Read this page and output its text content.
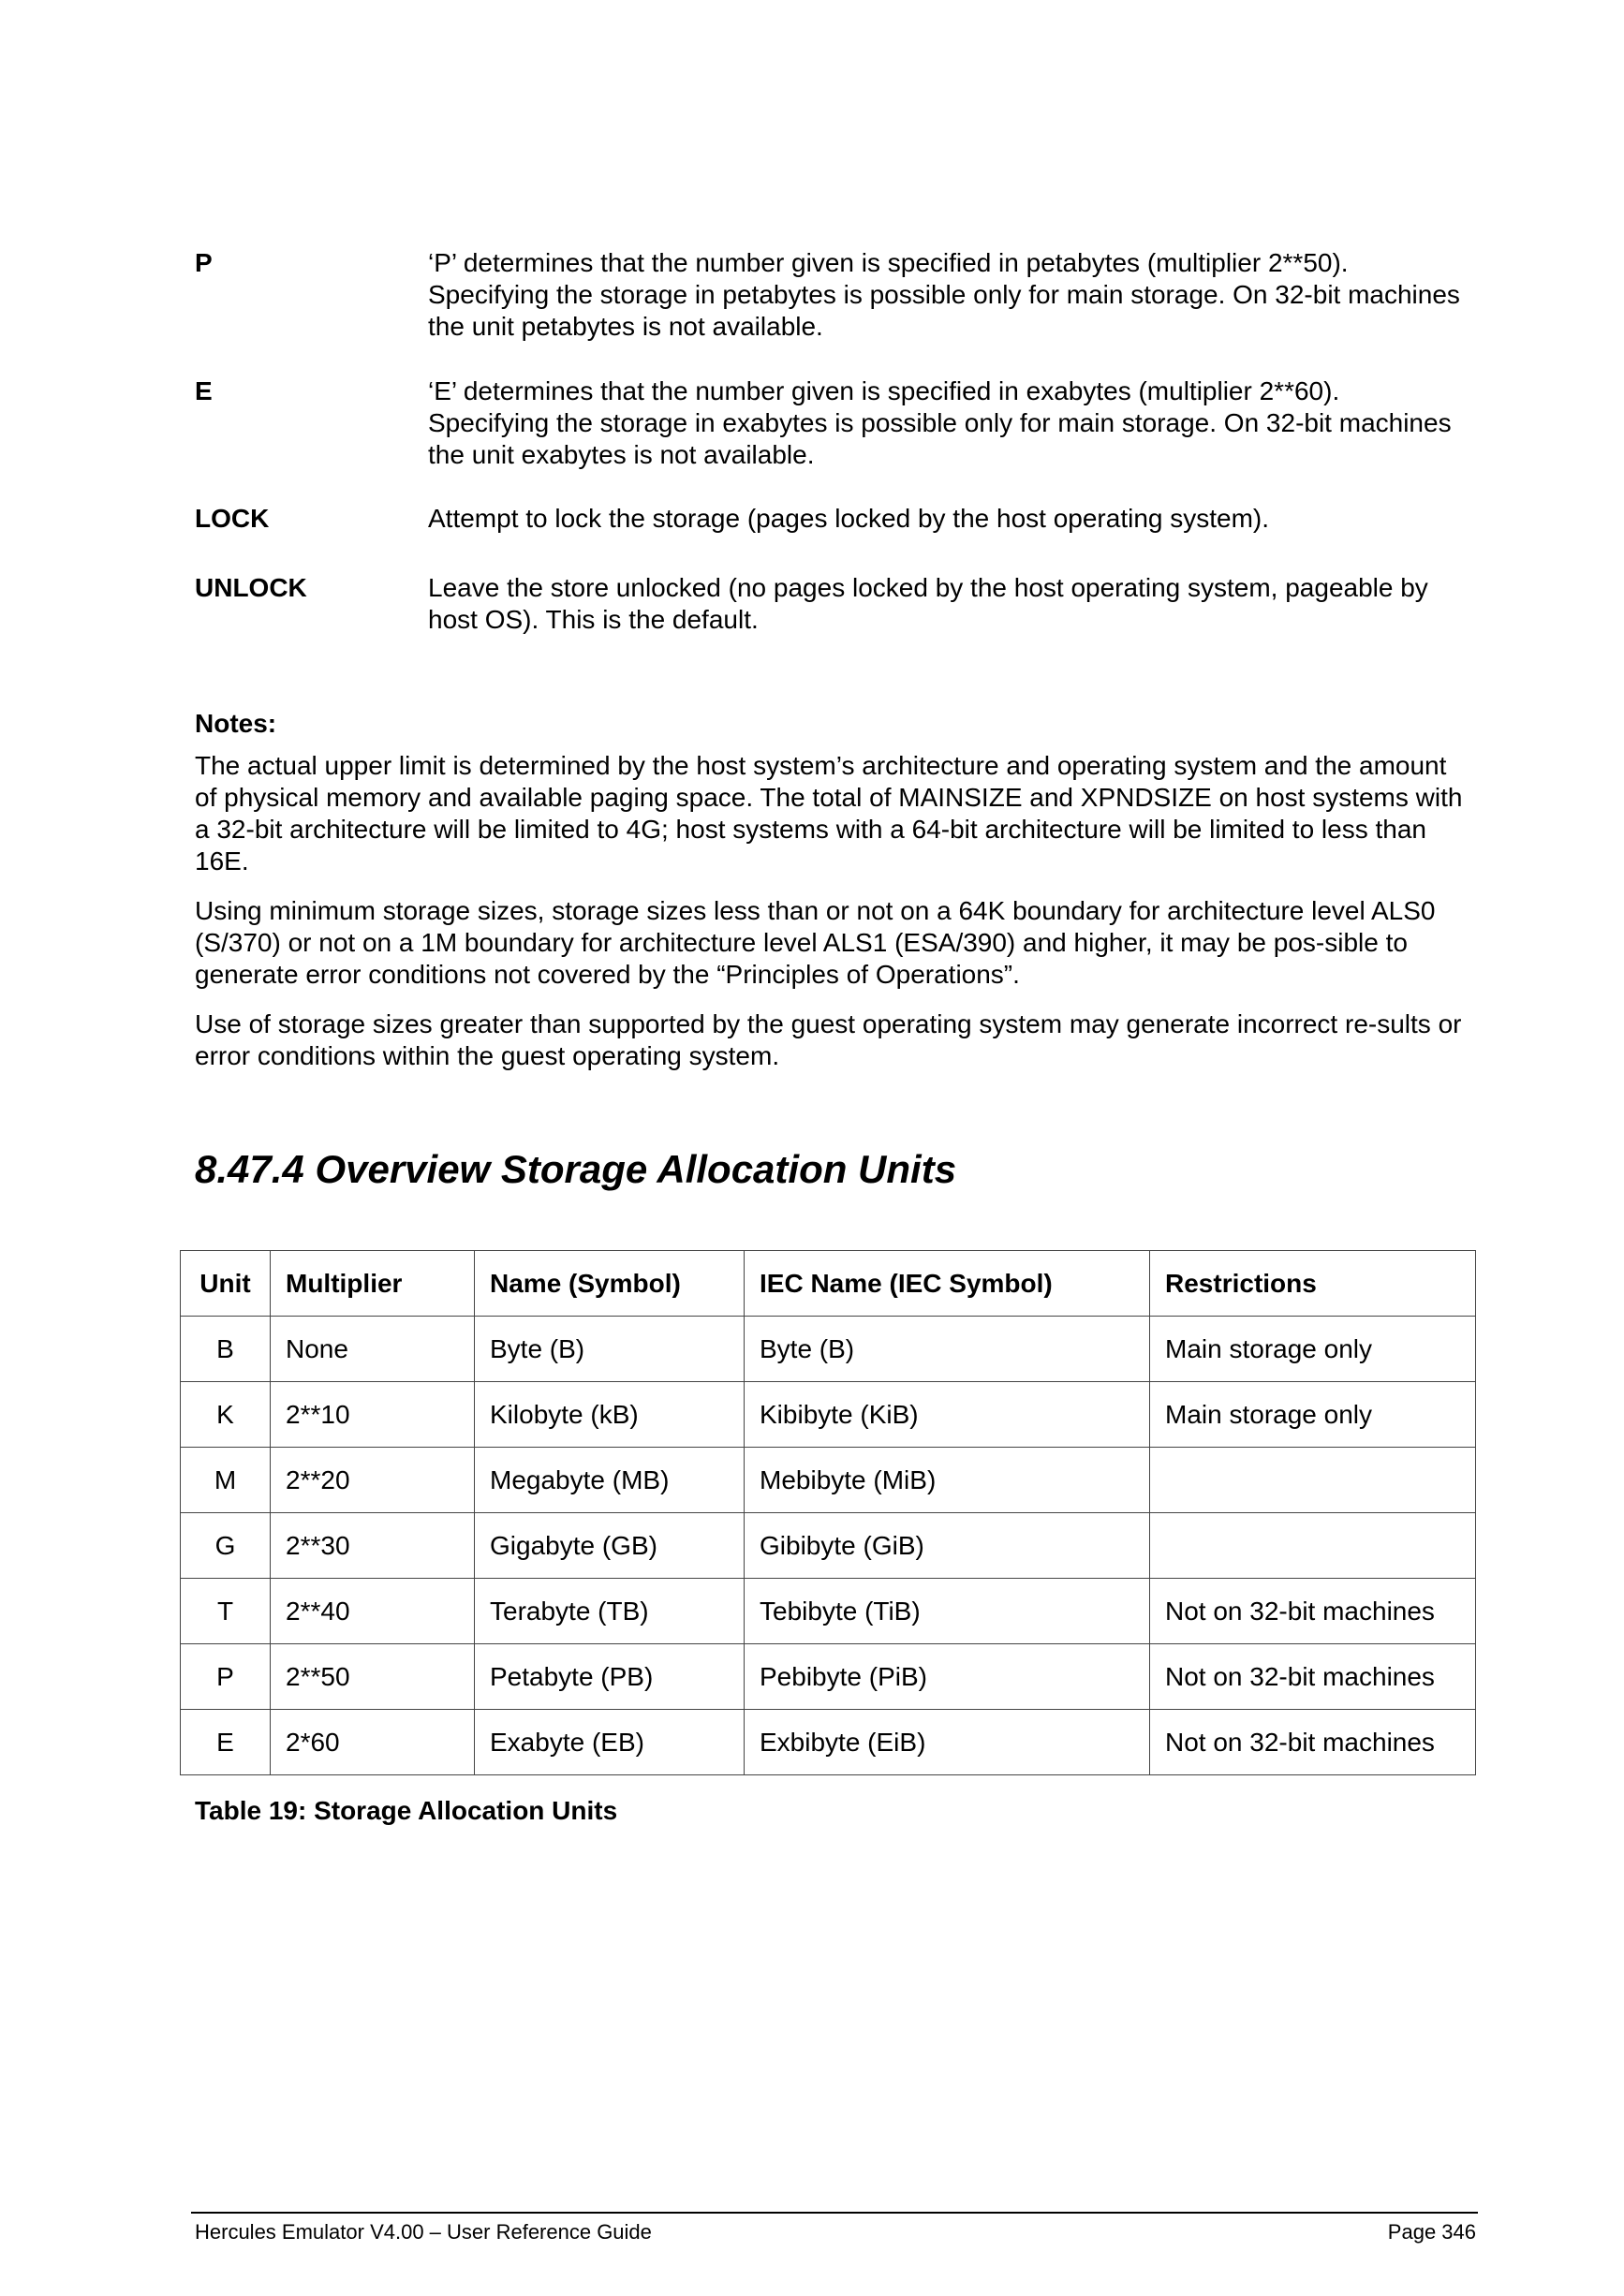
P	‘P’ determines that the number given is specified in petabytes (multiplier 2**50). Specifying the storage in petabytes is possible only for main storage. On 32-bit machines the unit petabytes is not available.
E	‘E’ determines that the number given is specified in exabytes (multiplier 2**60). Specifying the storage in exabytes is possible only for main storage. On 32-bit machines the unit exabytes is not available.
LOCK	Attempt to lock the storage (pages locked by the host operating system).
UNLOCK	Leave the store unlocked (no pages locked by the host operating system, pageable by host OS). This is the default.
Notes:
The actual upper limit is determined by the host system’s architecture and operating system and the amount of physical memory and available paging space. The total of MAINSIZE and XPNDSIZE on host systems with a 32-bit architecture will be limited to 4G; host systems with a 64-bit architecture will be limited to less than 16E.
Using minimum storage sizes, storage sizes less than or not on a 64K boundary for architecture level ALS0 (S/370) or not on a 1M boundary for architecture level ALS1 (ESA/390) and higher, it may be pos-sible to generate error conditions not covered by the “Principles of Operations”.
Use of storage sizes greater than supported by the guest operating system may generate incorrect re-sults or error conditions within the guest operating system.
8.47.4 Overview Storage Allocation Units
Unit	Multiplier	Name (Symbol)	IEC Name (IEC Symbol)	Restrictions
B	None	Byte (B)	Byte (B)	Main storage only
K	2**10	Kilobyte (kB)	Kibibyte (KiB)	Main storage only
M	2**20	Megabyte (MB)	Mebibyte (MiB)	
G	2**30	Gigabyte (GB)	Gibibyte (GiB)	
T	2**40	Terabyte (TB)	Tebibyte (TiB)	Not on 32-bit machines
P	2**50	Petabyte (PB)	Pebibyte (PiB)	Not on 32-bit machines
E	2*60	Exabyte (EB)	Exbibyte (EiB)	Not on 32-bit machines
Table 19: Storage Allocation Units
Hercules Emulator V4.00 – User Reference Guide	Page 346
